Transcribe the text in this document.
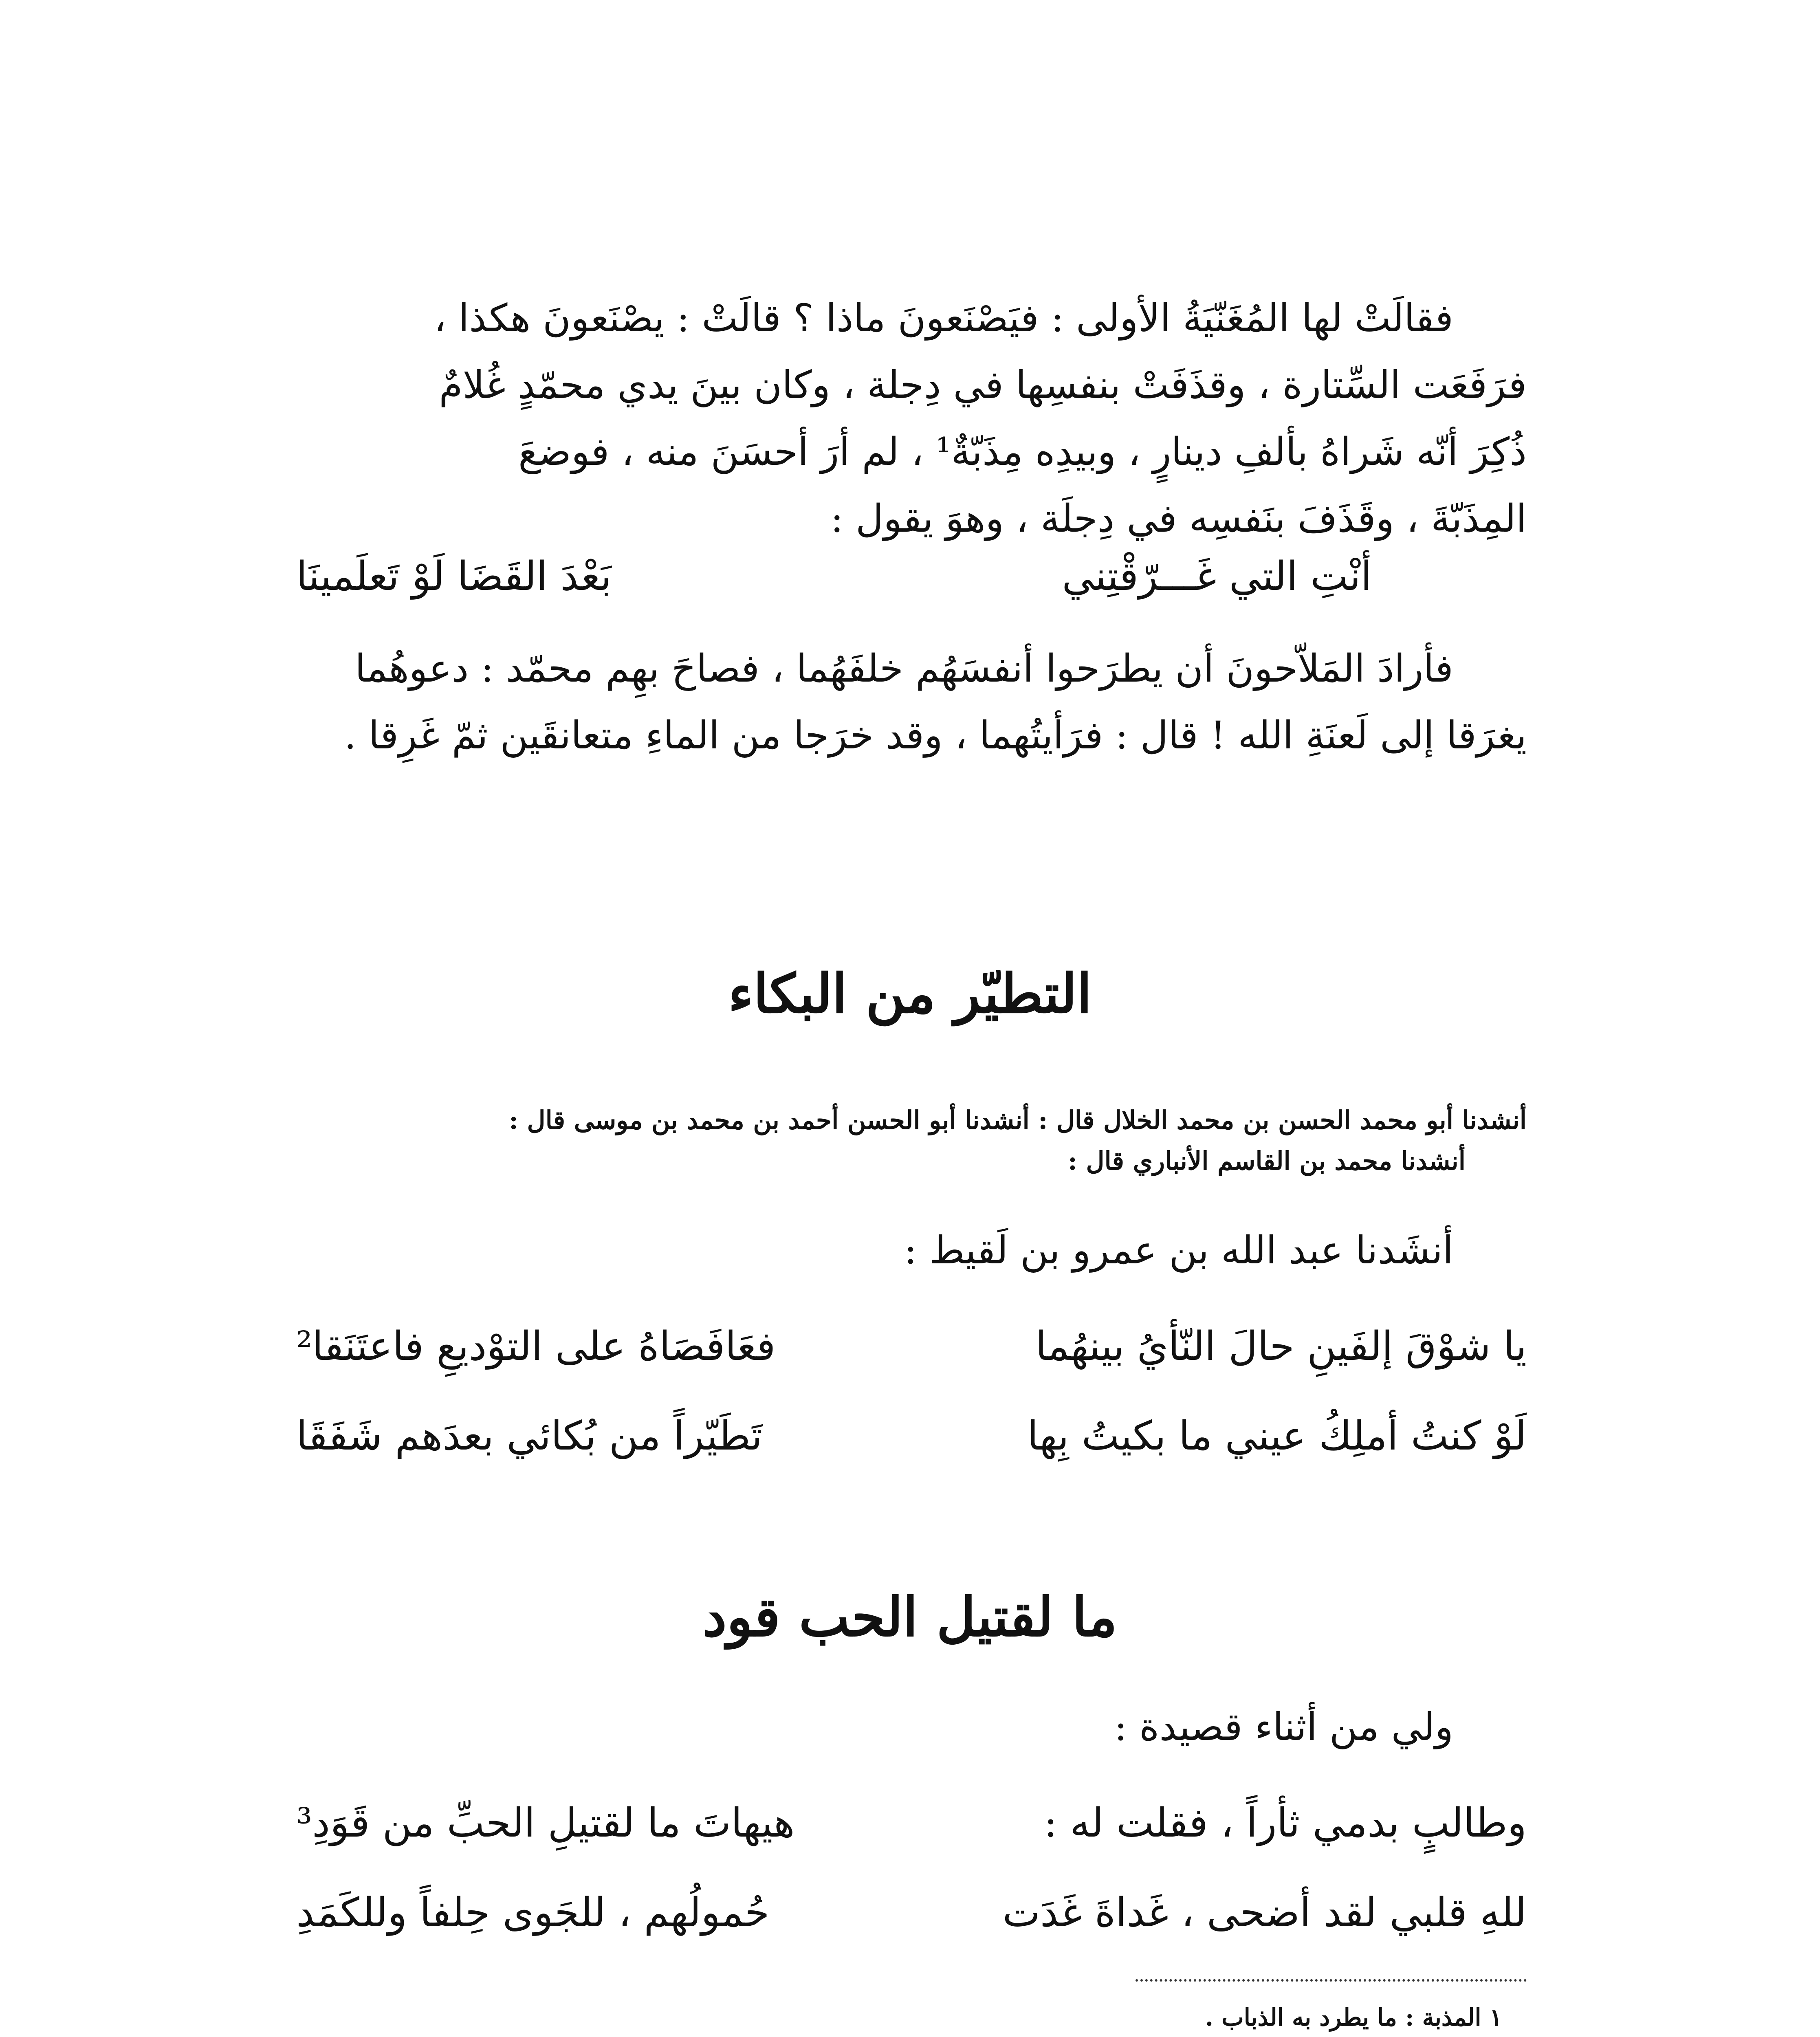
فقالَتْ لها المُغَنّيَةُ الأولى : فيَصْنَعونَ ماذا ؟ قالَتْ : يصْنَعونَ هكذا ،
فرَفَعَت السِّتارة ، وقذَفَتْ بنفسِها في دِجلة ، وكان بينَ يدي محمّدٍ غُلامٌ
ذُكِرَ أنّه شَراهُ بألفِ دينارٍ ، وبيدِه مِذَبّةٌ¹ ، لم أرَ أحسَنَ منه ، فوضعَ
المِذَبّةَ ، وقَذَفَ بنَفسِه في دِجلَة ، وهوَ يقول :

أنْتِ التي غَـــرّقْتِني
بَعْدَ القَضَا لَوْ تَعلَمينَا

فأرادَ المَلاّحونَ أن يطرَحوا أنفسَهُم خلفَهُما ، فصاحَ بهِم محمّد : دعوهُما
يغرَقا إلى لَعنَةِ الله ! قال : فرَأيتُهما ، وقد خرَجا من الماءِ متعانقَين ثمّ غَرِقا .

التطيّر من البكاء
أنشدنا أبو محمد الحسن بن محمد الخلال قال : أنشدنا أبو الحسن أحمد بن محمد بن موسى قال :
أنشدنا محمد بن القاسم الأنباري قال :
أنشَدنا عبد الله بن عمرو بن لَقيط :
يا شوْقَ إلفَينِ حالَ النّأيُ بينهُما
فعَافَصَاهُ على التوْديعِ فاعتَنَقا²
لَوْ كنتُ أملِكُ عيني ما بكيتُ بِها
تَطَيّراً من بُكائي بعدَهم شَفَقَا
ما لقتيل الحب قود
ولي من أثناء قصيدة :
وطالبٍ بدمي ثأراً ، فقلت له :
هيهاتَ ما لقتيلِ الحبِّ من قَوَدِ³
للهِ قلبي لقد أضحى ، غَداةَ غَدَت
حُمولُهم ، للجَوى حِلفاً وللكَمَدِ
١ المذبة : ما يطرد به الذباب .
